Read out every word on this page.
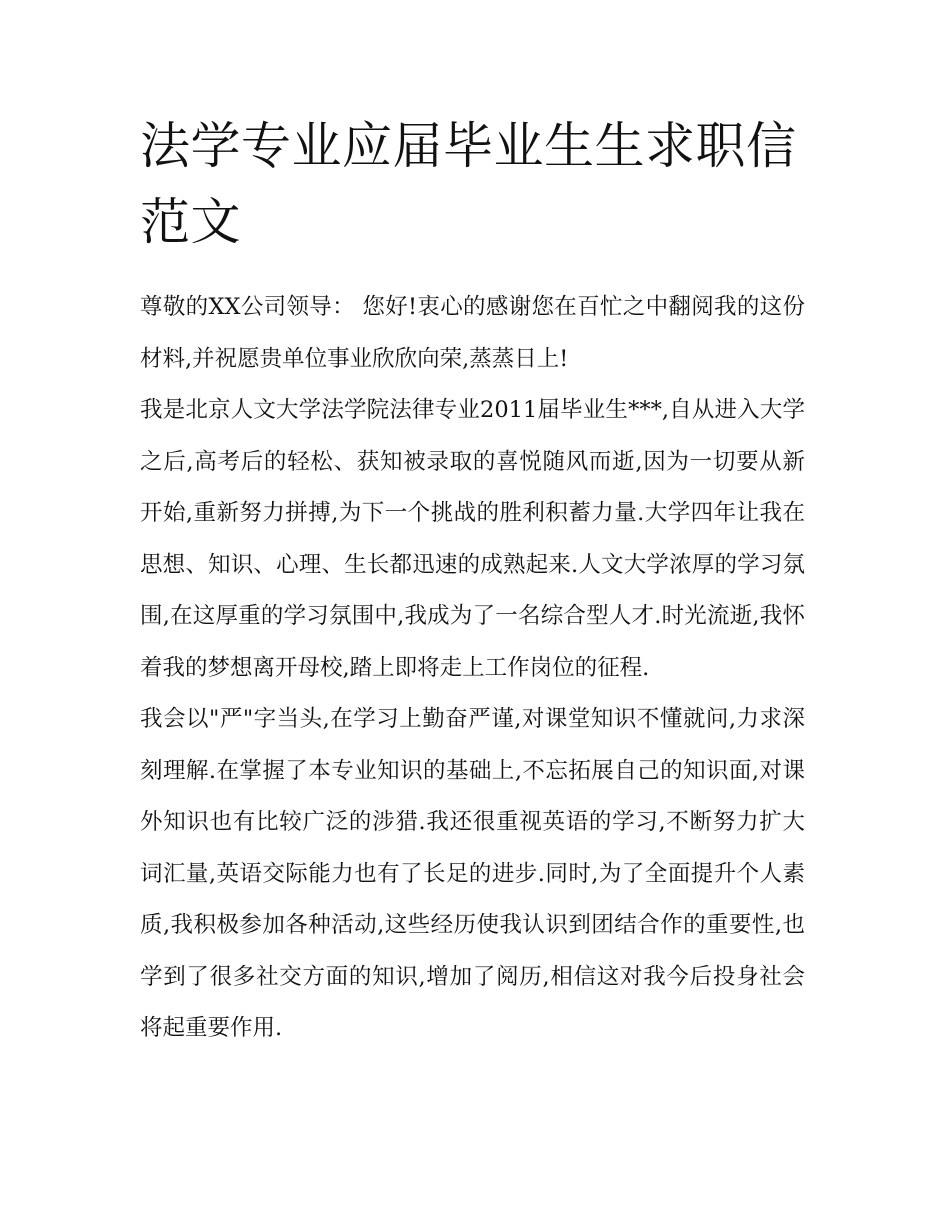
法学专业应届毕业生生求职信范文

尊敬的XX公司领导： 您好!衷心的感谢您在百忙之中翻阅我的这份材料,并祝愿贵单位事业欣欣向荣,蒸蒸日上!

我是北京人文大学法学院法律专业2011届毕业生***,自从进入大学之后,高考后的轻松、获知被录取的喜悦随风而逝,因为一切要从新开始,重新努力拼搏,为下一个挑战的胜利积蓄力量.大学四年让我在思想、知识、心理、生长都迅速的成熟起来.人文大学浓厚的学习氛围,在这厚重的学习氛围中,我成为了一名综合型人才.时光流逝,我怀着我的梦想离开母校,踏上即将走上工作岗位的征程.

我会以"严"字当头,在学习上勤奋严谨,对课堂知识不懂就问,力求深刻理解.在掌握了本专业知识的基础上,不忘拓展自己的知识面,对课外知识也有比较广泛的涉猎.我还很重视英语的学习,不断努力扩大词汇量,英语交际能力也有了长足的进步.同时,为了全面提升个人素质,我积极参加各种活动,这些经历使我认识到团结合作的重要性,也学到了很多社交方面的知识,增加了阅历,相信这对我今后投身社会将起重要作用.
